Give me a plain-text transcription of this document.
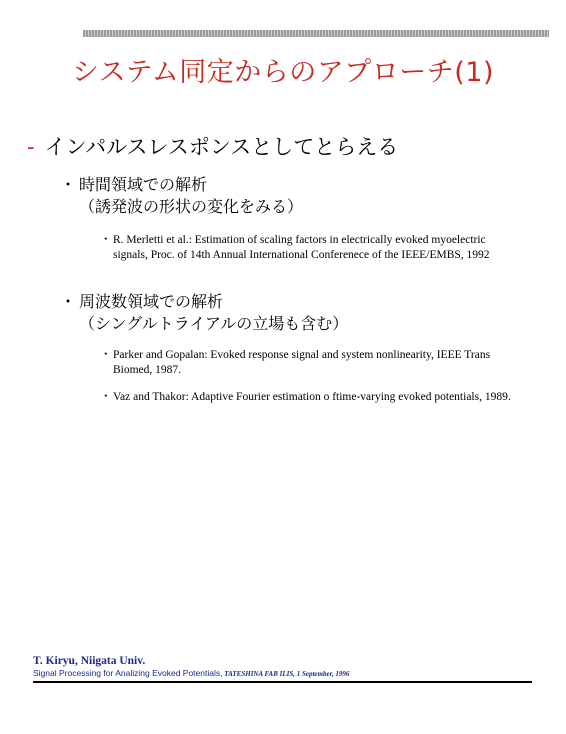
システム同定からのアプローチ(1)
- インパルスレスポンスとしてとらえる
・ 時間領域での解析
（誘発波の形状の変化をみる）
・ R. Merletti et al.: Estimation of scaling factors in electrically evoked myoelectric signals, Proc. of 14th Annual International Conferenece of the IEEE/EMBS, 1992
・ 周波数領域での解析
（シングルトライアルの立場も含む）
・ Parker and Gopalan: Evoked response signal and system nonlinearity, IEEE Trans Biomed, 1987.
・ Vaz and Thakor: Adaptive Fourier estimation o ftime-varying evoked potentials, 1989.
T. Kiryu, Niigata Univ.
Signal Processing for Analizing Evoked Potentials, TATESHINA FAB ILIS, 1 September, 1996
